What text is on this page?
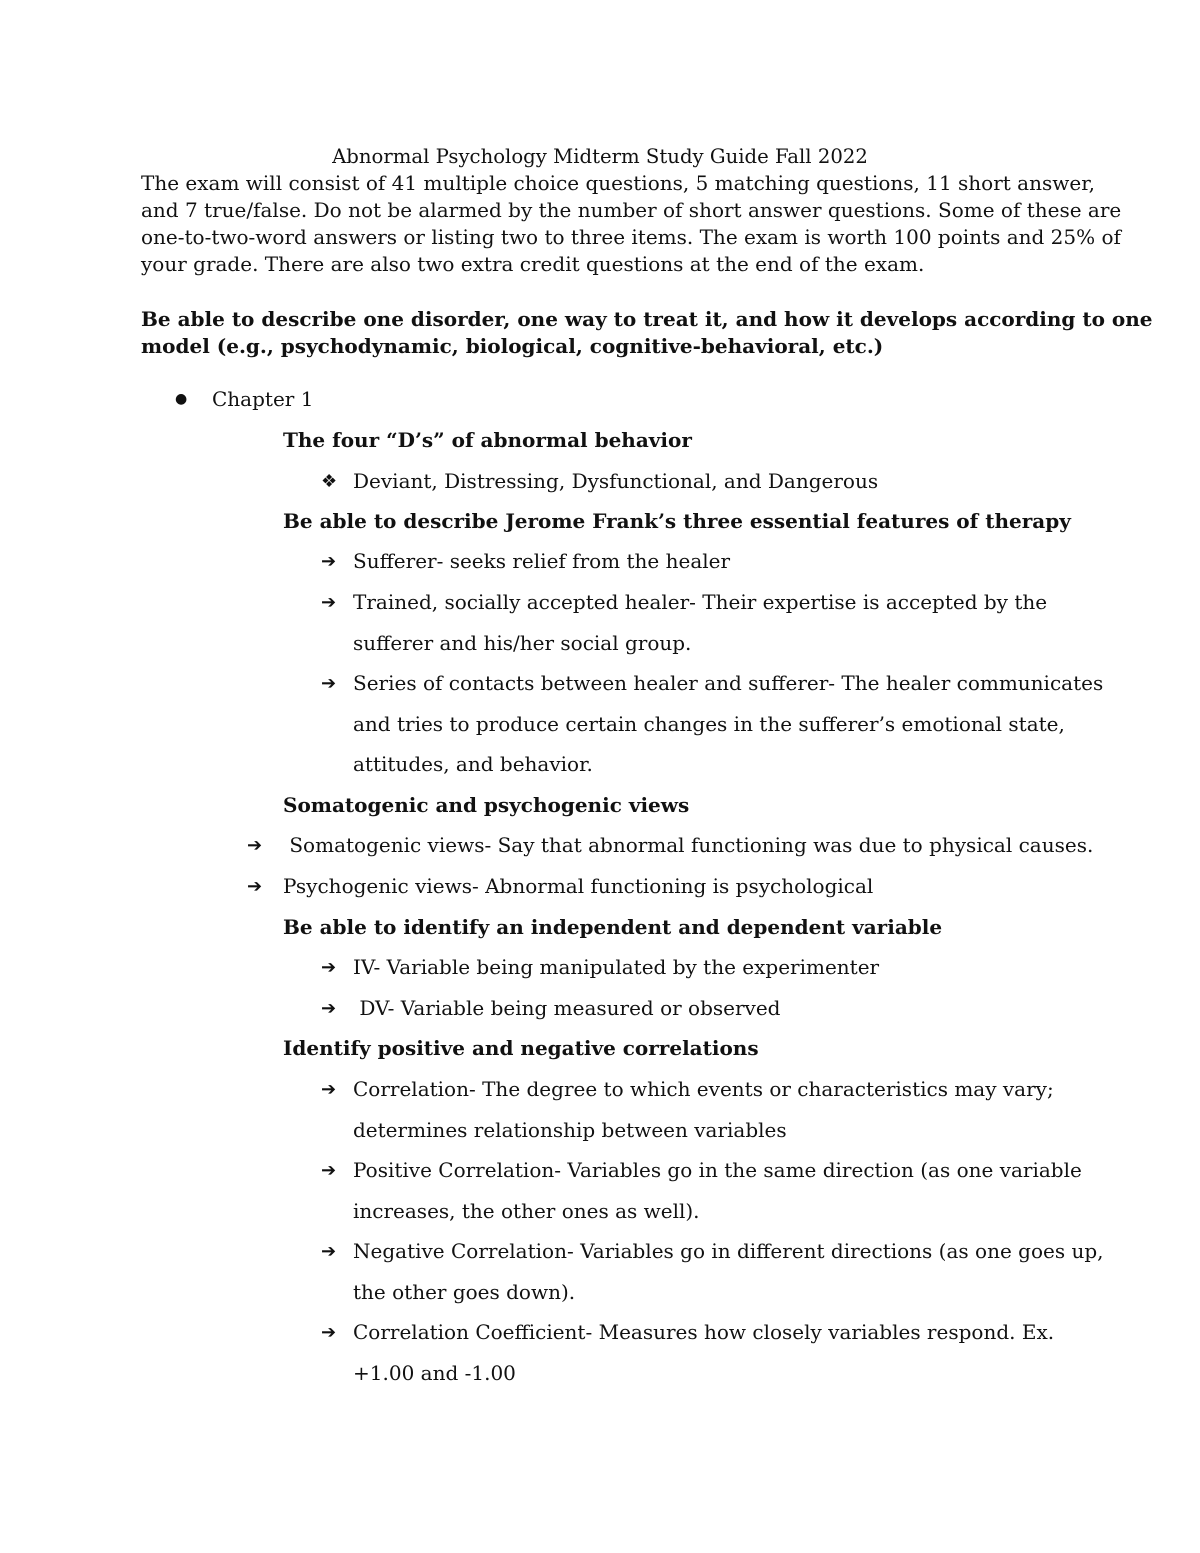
Abnormal Psychology Midterm Study Guide Fall 2022
The exam will consist of 41 multiple choice questions, 5 matching questions, 11 short answer,
and 7 true/false. Do not be alarmed by the number of short answer questions. Some of these are
one-to-two-word answers or listing two to three items. The exam is worth 100 points and 25% of
your grade. There are also two extra credit questions at the end of the exam.
Be able to describe one disorder, one way to treat it, and how it develops according to one
model (e.g., psychodynamic, biological, cognitive-behavioral, etc.)
● Chapter 1
The four “D’s” of abnormal behavior
❖ Deviant, Distressing, Dysfunctional, and Dangerous
Be able to describe Jerome Frank’s three essential features of therapy
➔ Sufferer- seeks relief from the healer
➔ Trained, socially accepted healer- Their expertise is accepted by the
sufferer and his/her social group.
➔ Series of contacts between healer and sufferer- The healer communicates
and tries to produce certain changes in the sufferer’s emotional state,
attitudes, and behavior.
Somatogenic and psychogenic views
➔ Somatogenic views- Say that abnormal functioning was due to physical causes.
➔ Psychogenic views- Abnormal functioning is psychological
Be able to identify an independent and dependent variable
➔ IV- Variable being manipulated by the experimenter
➔ DV- Variable being measured or observed
Identify positive and negative correlations
➔ Correlation- The degree to which events or characteristics may vary;
determines relationship between variables
➔ Positive Correlation- Variables go in the same direction (as one variable
increases, the other ones as well).
➔ Negative Correlation- Variables go in different directions (as one goes up,
the other goes down).
➔ Correlation Coefficient- Measures how closely variables respond. Ex.
+1.00 and -1.00
